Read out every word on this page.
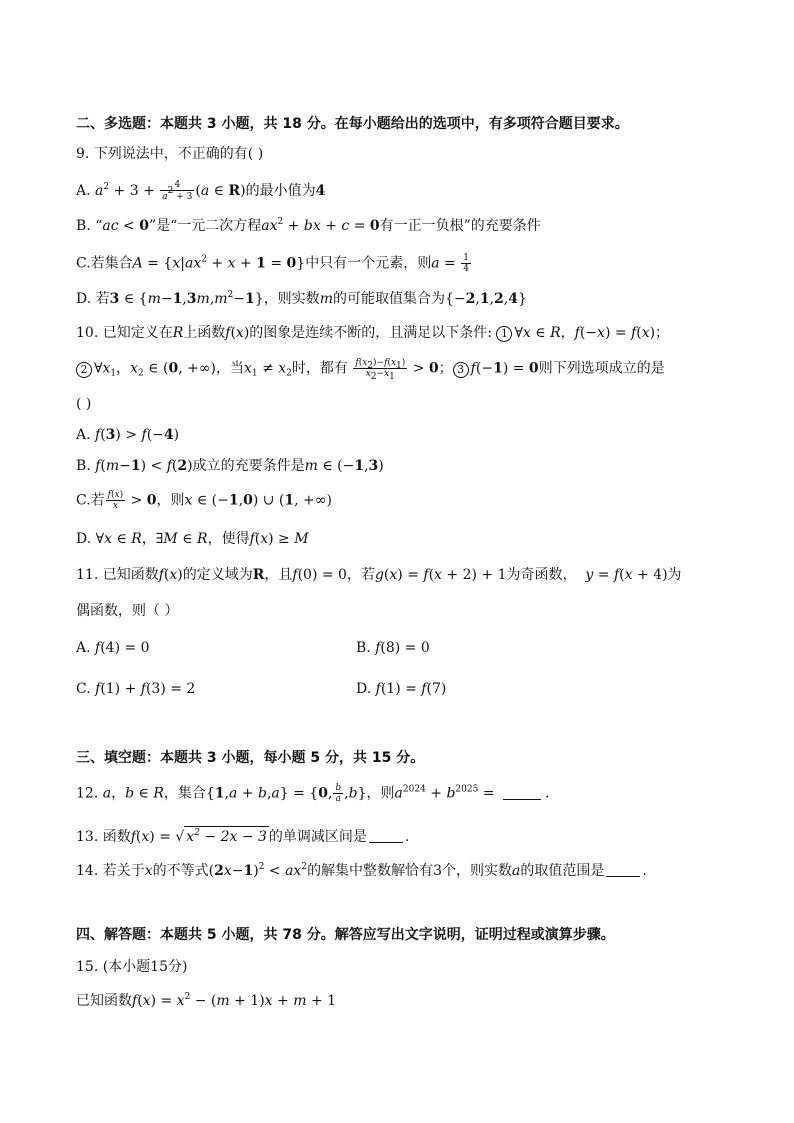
二、多选题：本题共 3 小题，共 18 分。在每小题给出的选项中，有多项符合题目要求。
9. 下列说法中，不正确的有( )
A. $a^2 + 3 + \frac{4}{a^2 + 3} (a$ ∈ R)的最小值为4
B. “ac < 0”是“一元二次方程$ax^2$ + bx + c = 0有一正一负根”的充要条件
C.若集合$A = \{x|ax^2 + x + 1 = 0\}$中只有一个元素，则$a = \frac{1}{4}$
D. 若3 ∈ $\{m-1,3m,m^2-1\}$，则实数m的可能取值集合为{−2,1,2,4}
10. 已知定义在R上函数f(x)的图象是连续不断的，且满足以下条件: 1 ∀x ∈ R，f(−x) = f(x)；
2 $\forall x_1$，$x_2$ ∈ (0, +∞)，当$x_1 \ne x_2$时，都有 $\frac{f(x_2)-f(x_1)}{x_2-x_1} > 0$； 3 f(−1) = 0则下列选项成立的是
( )
A. f(3) > f(−4)
B. f(m−1) < f(2)成立的充要条件是m ∈ (−1,3)
C.若 $\frac{f(x)}{x} > 0$，则x ∈ (−1,0) ∪ (1, +∞)
D. ∀x ∈ R，∃M ∈ R，使得f(x) ≥ M
11. 已知函数f(x)的定义域为R，且f(0) = 0，若g(x) = f(x + 2) + 1为奇函数， y = f(x + 4)为
偶函数，则（ ）
A. f(4) = 0	B. f(8) = 0
C. f(1) + f(3) = 2	D. f(1) = f(7)
三、填空题：本题共 3 小题，每小题 5 分，共 15 分。
12. a，b ∈ R，集合{1,a + b,a} = {0, $\frac{b}{a} ,b$}，则$a^{2024} + b^{2025}$ =	.
13. 函数f(x) = √ $x^2 - 2x - 3$ 的单调减区间是	.
14. 若关于x的不等式$(2x-1)^2 < ax^2$的解集中整数解恰有3个，则实数a的取值范围是	.
四、解答题：本题共 5 小题，共 78 分。解答应写出文字说明，证明过程或演算步骤。
15. (本小题15分)
已知函数$f(x) = x^2 - (m + 1)x + m + 1$
